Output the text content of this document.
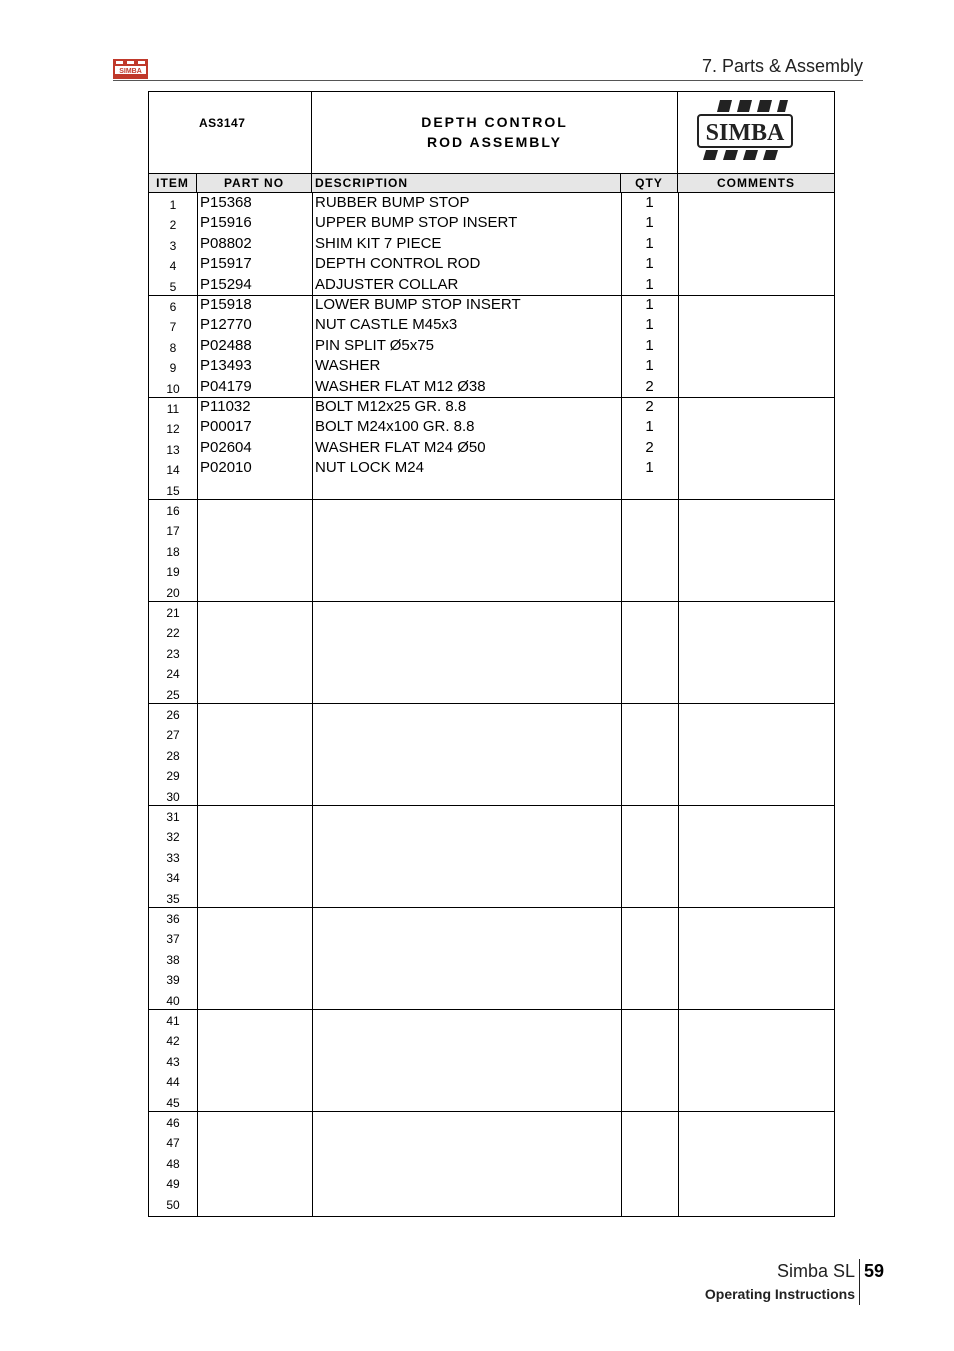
SIMBA	7. Parts & Assembly
AS3147	DEPTH CONTROL
ROD ASSEMBLY	SIMBA
ITEM	PART NO	DESCRIPTION	QTY	COMMENTS
1	P15368	RUBBER BUMP STOP	1
2	P15916	UPPER BUMP STOP INSERT	1
3	P08802	SHIM KIT 7 PIECE	1
4	P15917	DEPTH CONTROL ROD	1
5	P15294	ADJUSTER COLLAR	1
6	P15918	LOWER BUMP STOP INSERT	1
7	P12770	NUT CASTLE M45x3	1
8	P02488	PIN SPLIT Ø5x75	1
9	P13493	WASHER	1
10	P04179	WASHER FLAT M12 Ø38	2
11	P11032	BOLT M12x25 GR. 8.8	2
12	P00017	BOLT M24x100 GR. 8.8	1
13	P02604	WASHER FLAT M24 Ø50	2
14	P02010	NUT LOCK M24	1
15
16
17
18
19
20
21
22
23
24
25
26
27
28
29
30
31
32
33
34
35
36
37
38
39
40
41
42
43
44
45
46
47
48
49
50
Simba SL 59
Operating Instructions
